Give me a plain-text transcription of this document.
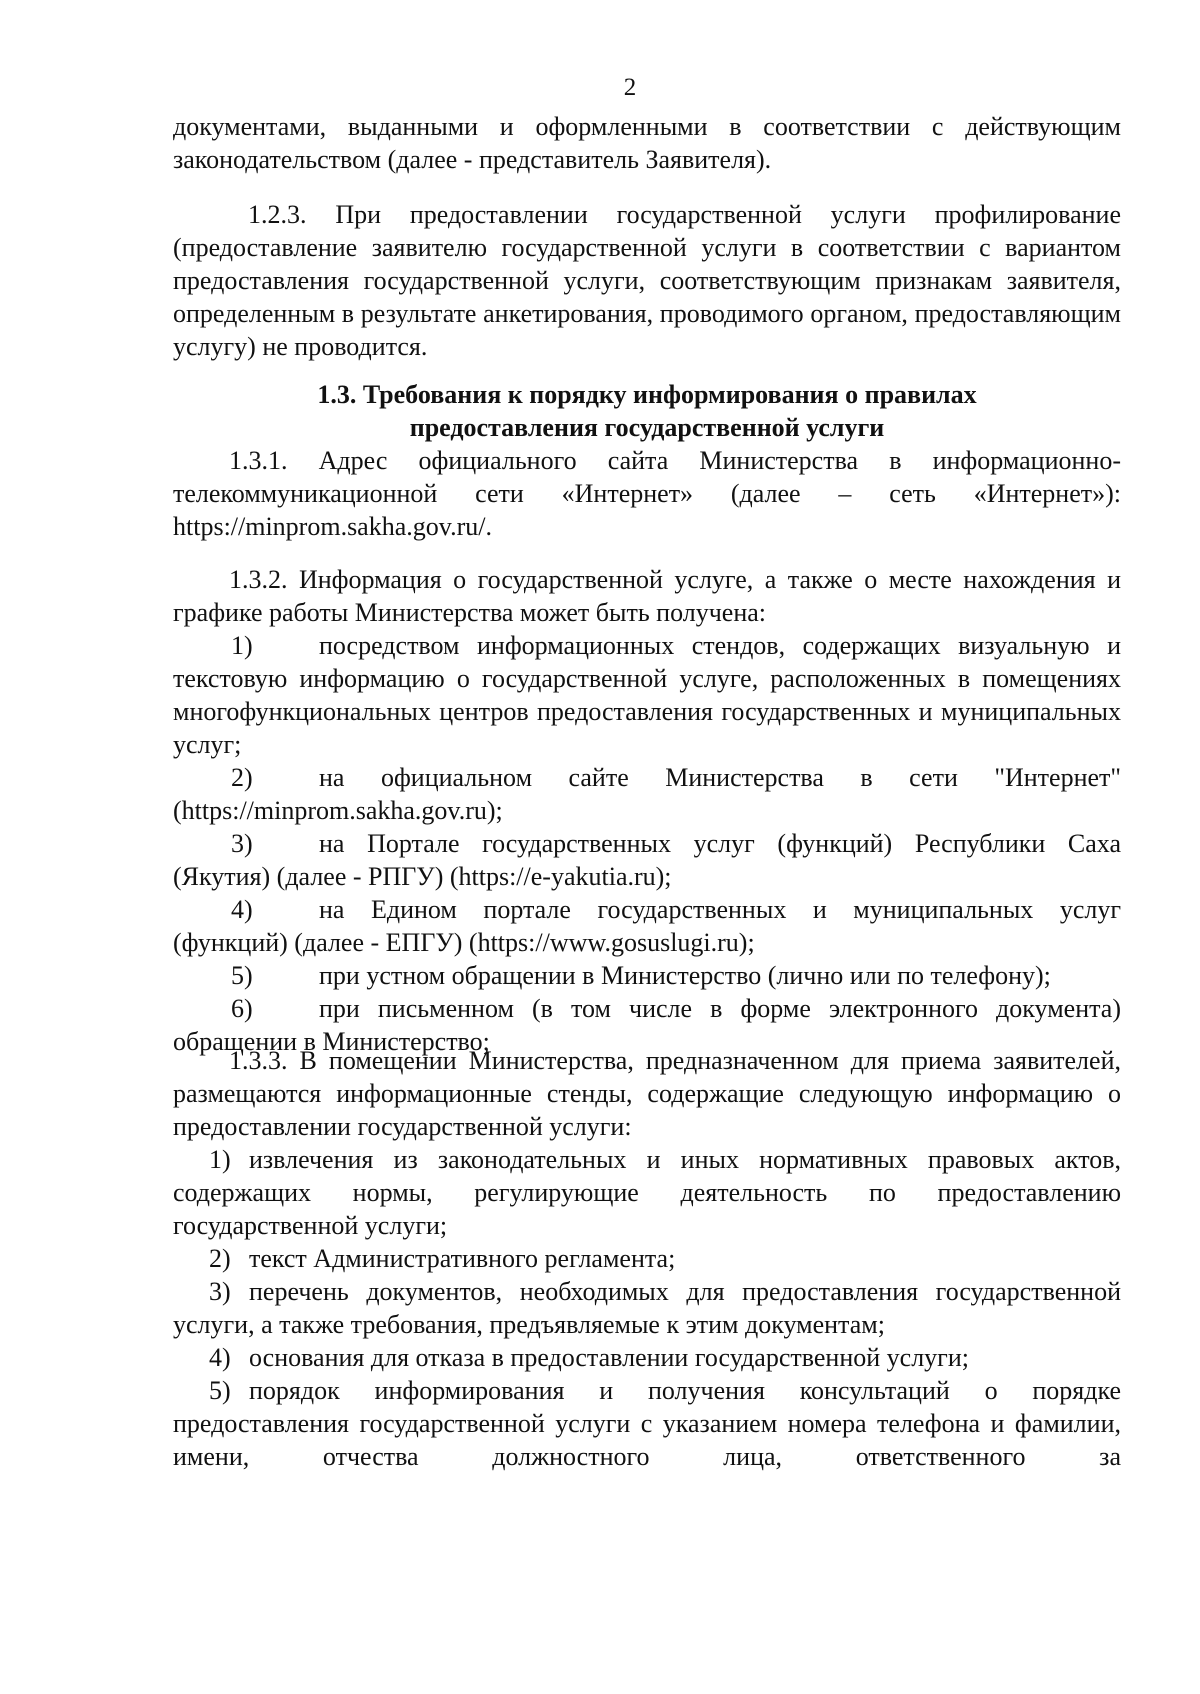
2

документами, выданными и оформленными в соответствии с действующим

законодательством (далее - представитель Заявителя).

1.2.3. При предоставлении государственной услуги профилирование (предоставление заявителю государственной услуги в соответствии с вариантом предоставления государственной услуги, соответствующим признакам заявителя, определенным в результате анкетирования, проводимого органом, предоставляющим услугу) не проводится.

1.3. Требования к порядку информирования о правилах

предоставления государственной услуги

1.3.1. Адрес официального сайта Министерства в информационно-телекоммуникационной сети «Интернет» (далее – сеть «Интернет»): https://minprom.sakha.gov.ru/.

1.3.2. Информация о государственной услуге, а также о месте нахождения и графике работы Министерства может быть получена:

1)	посредством информационных стендов, содержащих визуальную и текстовую информацию о государственной услуге, расположенных в помещениях многофункциональных центров предоставления государственных и муниципальных услуг;

2)	на официальном сайте Министерства в сети "Интернет" (https://minprom.sakha.gov.ru);

3)	на Портале государственных услуг (функций) Республики Саха (Якутия) (далее - РПГУ) (https://e-yakutia.ru);

4)	на Едином портале государственных и муниципальных услуг (функций) (далее - ЕПГУ) (https://www.gosuslugi.ru);

5)	при устном обращении в Министерство (лично или по телефону);

6)	при письменном (в том числе в форме электронного документа) обращении в Министерство;

1.3.3. В помещении Министерства, предназначенном для приема заявителей, размещаются информационные стенды, содержащие следующую информацию о предоставлении государственной услуги:

1) извлечения из законодательных и иных нормативных правовых актов, содержащих нормы, регулирующие деятельность по предоставлению государственной услуги;

2) текст Административного регламента;

3) перечень документов, необходимых для предоставления государственной услуги, а также требования, предъявляемые к этим документам;

4) основания для отказа в предоставлении государственной услуги;

5) порядок информирования и получения консультаций о порядке предоставления государственной услуги с указанием номера телефона и фамилии, имени, отчества должностного лица, ответственного за
